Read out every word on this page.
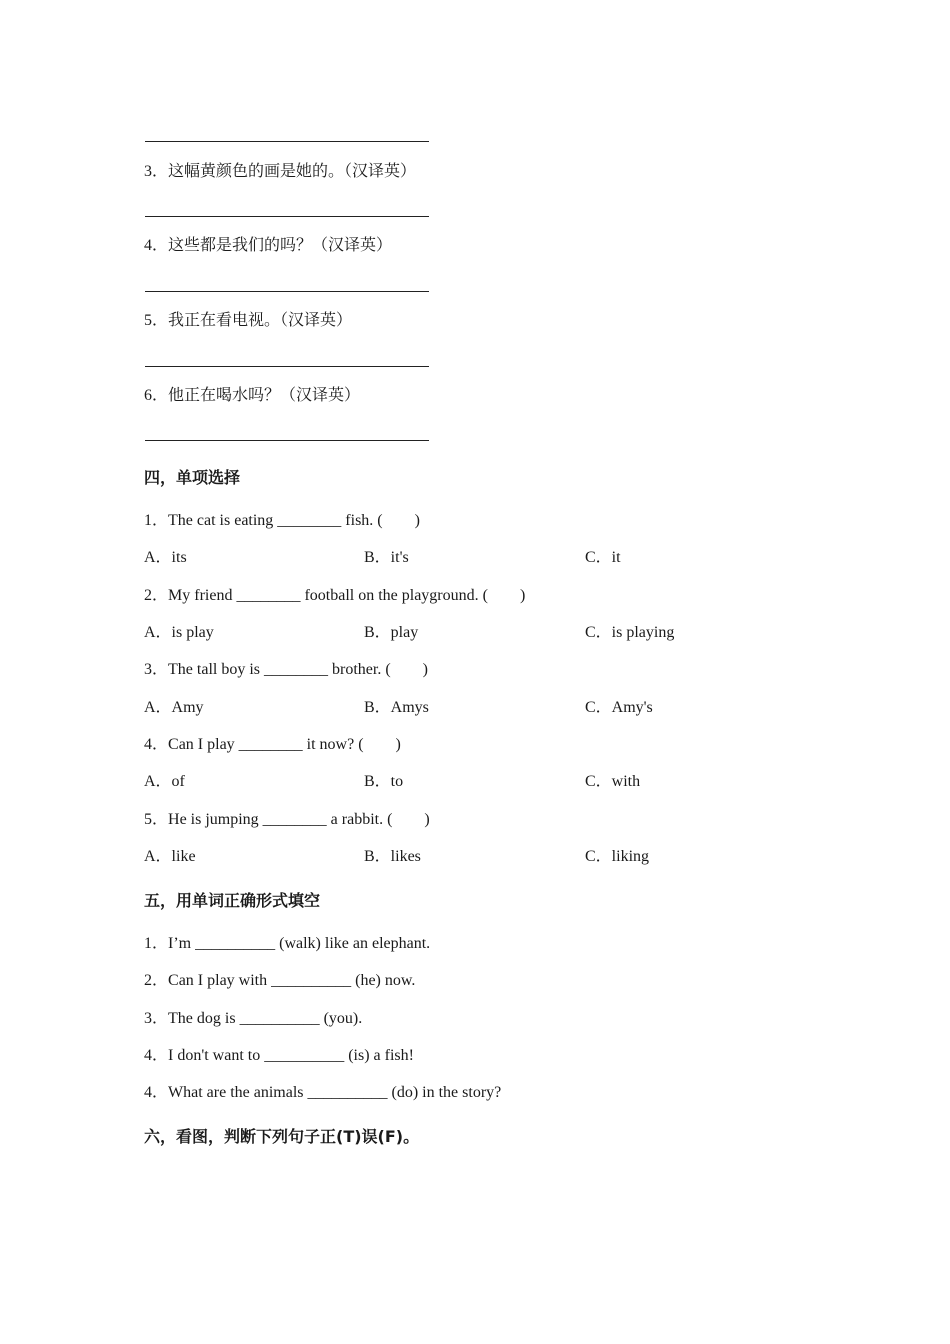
3．这幅黄颜色的画是她的。（汉译英）
4．这些都是我们的吗？（汉译英）
5．我正在看电视。（汉译英）
6．他正在喝水吗？（汉译英）
四，单项选择
1．The cat is eating ________ fish. (        )
A．its	B．it's	C．it
2．My friend ________ football on the playground. (        )
A．is play	B．play	C．is playing
3．The tall boy is ________ brother. (        )
A．Amy	B．Amys	C．Amy's
4．Can I play ________ it now? (        )
A．of	B．to	C．with
5．He is jumping ________ a rabbit. (        )
A．like	B．likes	C．liking
五，用单词正确形式填空
1．I’m __________ (walk) like an elephant.
2．Can I play with __________ (he) now.
3．The dog is __________ (you).
4．I don't want to __________ (is) a fish!
4．What are the animals __________ (do) in the story?
六，看图，判断下列句子正(T)误(F)。
